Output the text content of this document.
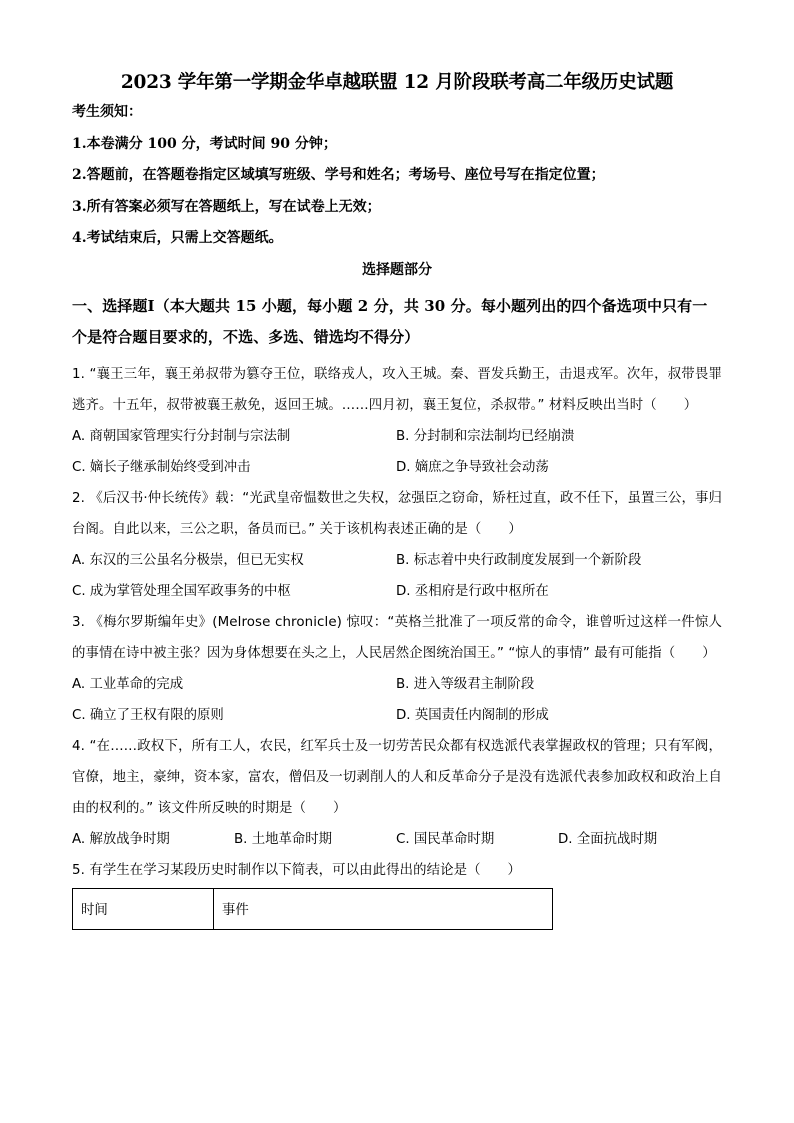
2023 学年第一学期金华卓越联盟 12 月阶段联考高二年级历史试题

考生须知：

1.本卷满分 100 分，考试时间 90 分钟；

2.答题前，在答题卷指定区域填写班级、学号和姓名；考场号、座位号写在指定位置；

3.所有答案必须写在答题纸上，写在试卷上无效；

4.考试结束后，只需上交答题纸。

选择题部分

一、选择题Ⅰ（本大题共 15 小题，每小题 2 分，共 30 分。每小题列出的四个备选项中只有一个是符合题目要求的，不选、多选、错选均不得分）

1. “襄王三年，襄王弟叔带为篡夺王位，联络戎人，攻入王城。秦、晋发兵勤王，击退戎军。次年，叔带畏罪逃齐。十五年，叔带被襄王赦免，返回王城。……四月初，襄王复位，杀叔带。” 材料反映出当时（　　）

A. 商朝国家管理实行分封制与宗法制	B. 分封制和宗法制均已经崩溃
C. 嫡长子继承制始终受到冲击	D. 嫡庶之争导致社会动荡

2. 《后汉书·仲长统传》载：“光武皇帝愠数世之失权，忿强臣之窃命，矫枉过直，政不任下，虽置三公，事归台阁。自此以来，三公之职，备员而已。” 关于该机构表述正确的是（　　）

A. 东汉的三公虽名分极崇，但已无实权	B. 标志着中央行政制度发展到一个新阶段
C. 成为掌管处理全国军政事务的中枢	D. 丞相府是行政中枢所在

3. 《梅尔罗斯编年史》(Melrose chronicle) 惊叹：“英格兰批准了一项反常的命令，谁曾听过这样一件惊人的事情在诗中被主张？因为身体想要在头之上，人民居然企图统治国王。” “惊人的事情” 最有可能指（　　）

A. 工业革命的完成	B. 进入等级君主制阶段
C. 确立了王权有限的原则	D. 英国责任内阁制的形成

4. “在……政权下，所有工人，农民，红军兵士及一切劳苦民众都有权选派代表掌握政权的管理；只有军阀，官僚，地主，豪绅，资本家，富农，僧侣及一切剥削人的人和反革命分子是没有选派代表参加政权和政治上自由的权利的。” 该文件所反映的时期是（　　）

A. 解放战争时期	B. 土地革命时期	C. 国民革命时期	D. 全面抗战时期

5. 有学生在学习某段历史时制作以下简表，可以由此得出的结论是（　　）

时间	事件
